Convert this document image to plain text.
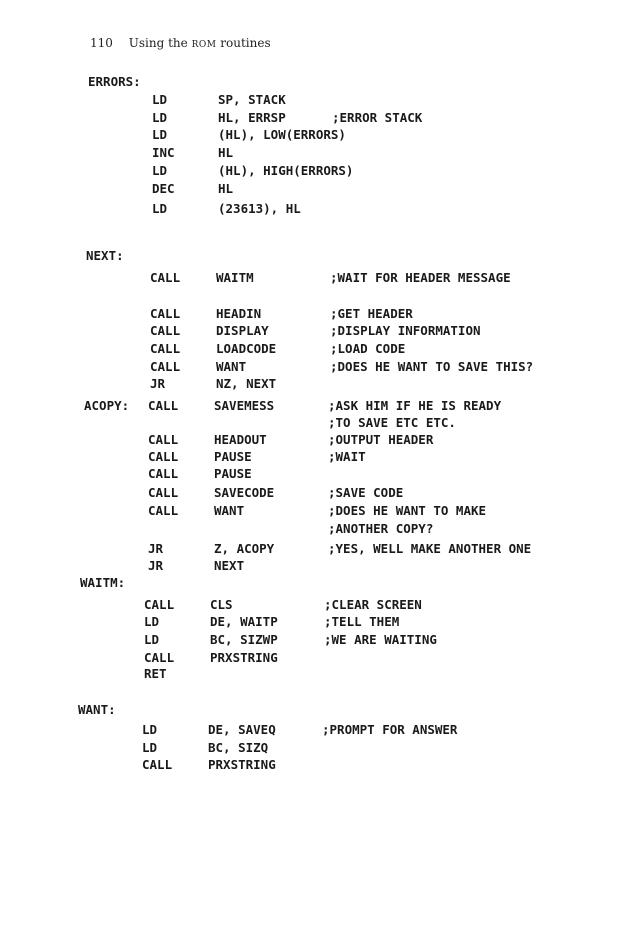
110 Using the ROM routines
ERRORS:
LD	SP, STACK
LD	HL, ERRSP	;ERROR STACK
LD	(HL), LOW(ERRORS)
INC	HL
LD	(HL), HIGH(ERRORS)
DEC	HL
LD	(23613), HL
NEXT:
CALL	WAITM	;WAIT FOR HEADER MESSAGE
CALL	HEADIN	;GET HEADER
CALL	DISPLAY	;DISPLAY INFORMATION
CALL	LOADCODE	;LOAD CODE
CALL	WANT	;DOES HE WANT TO SAVE THIS?
JR	NZ, NEXT
ACOPY: CALL	SAVEMESS	;ASK HIM IF HE IS READY
;TO SAVE ETC ETC.
CALL	HEADOUT	;OUTPUT HEADER
CALL	PAUSE	;WAIT
CALL	PAUSE
CALL	SAVECODE	;SAVE CODE
CALL	WANT	;DOES HE WANT TO MAKE
;ANOTHER COPY?
JR	Z, ACOPY	;YES, WELL MAKE ANOTHER ONE
JR	NEXT
WAITM:
CALL	CLS	;CLEAR SCREEN
LD	DE, WAITP	;TELL THEM
LD	BC, SIZWP	;WE ARE WAITING
CALL	PRXSTRING
RET
WANT:
LD	DE, SAVEQ	;PROMPT FOR ANSWER
LD	BC, SIZQ
CALL	PRXSTRING
